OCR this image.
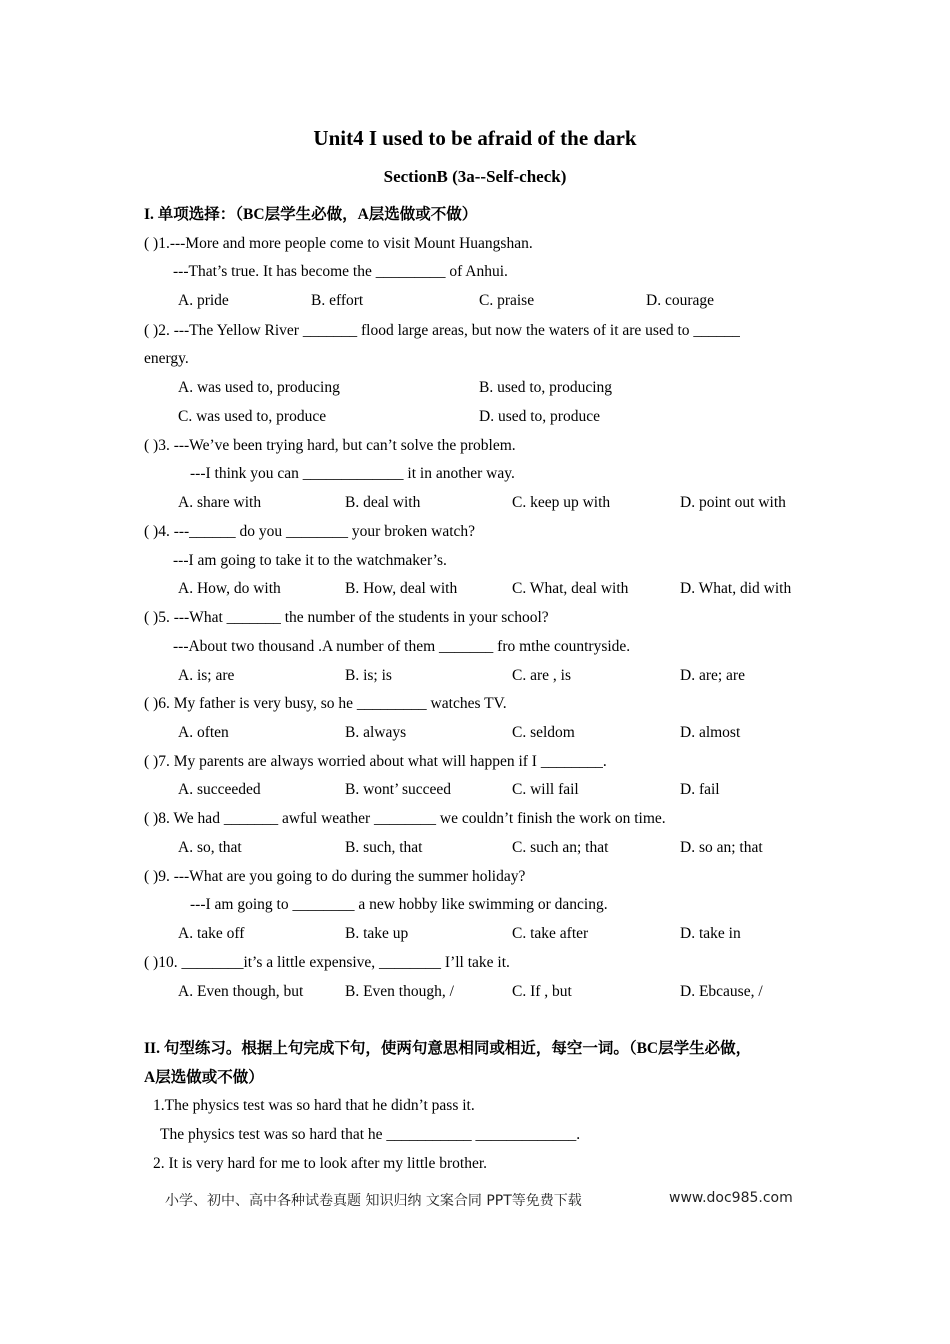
Unit4 I used to be afraid of the dark
SectionB (3a--Self-check)
I. 单项选择：（BC层学生必做，A层选做或不做）
( )1.---More and more people come to visit Mount Huangshan.
---That’s true. It has become the _________ of Anhui.
A. pride	B. effort	C. praise	D. courage
( )2. ---The Yellow River _______ flood large areas, but now the waters of it are used to ______
energy.
A. was used to, producing	B. used to, producing
C. was used to, produce	D. used to, produce
( )3. ---We’ve been trying hard, but can’t solve the problem.
---I think you can _____________ it in another way.
A. share with	B. deal with	C. keep up with	D. point out with
( )4. ---______ do you ________ your broken watch?
---I am going to take it to the watchmaker’s.
A. How, do with	B. How, deal with	C. What, deal with	D. What, did with
( )5. ---What _______ the number of the students in your school?
---About two thousand .A number of them _______ fro mthe countryside.
A. is; are	B. is; is	C. are , is	D. are; are
( )6. My father is very busy, so he _________ watches TV.
A. often	B. always	C. seldom	D. almost
( )7. My parents are always worried about what will happen if I ________.
A. succeeded	B. wont’ succeed	C. will fail	D. fail
( )8. We had _______ awful weather ________ we couldn’t finish the work on time.
A. so, that	B. such, that	C. such an; that	D. so an; that
( )9. ---What are you going to do during the summer holiday?
---I am going to ________ a new hobby like swimming or dancing.
A. take off	B. take up	C. take after	D. take in
( )10. ________it’s a little expensive, ________ I’ll take it.
A. Even though, but	B. Even though, /	C. If , but	D. Ebcause, /
II. 句型练习。根据上句完成下句，使两句意思相同或相近，每空一词。（BC层学生必做，
A层选做或不做）
1.The physics test was so hard that he didn’t pass it.
The physics test was so hard that he ___________ _____________.
2. It is very hard for me to look after my little brother.
小学、初中、高中各种试卷真题 知识归纳 文案合同 PPT等免费下载	www.doc985.com
